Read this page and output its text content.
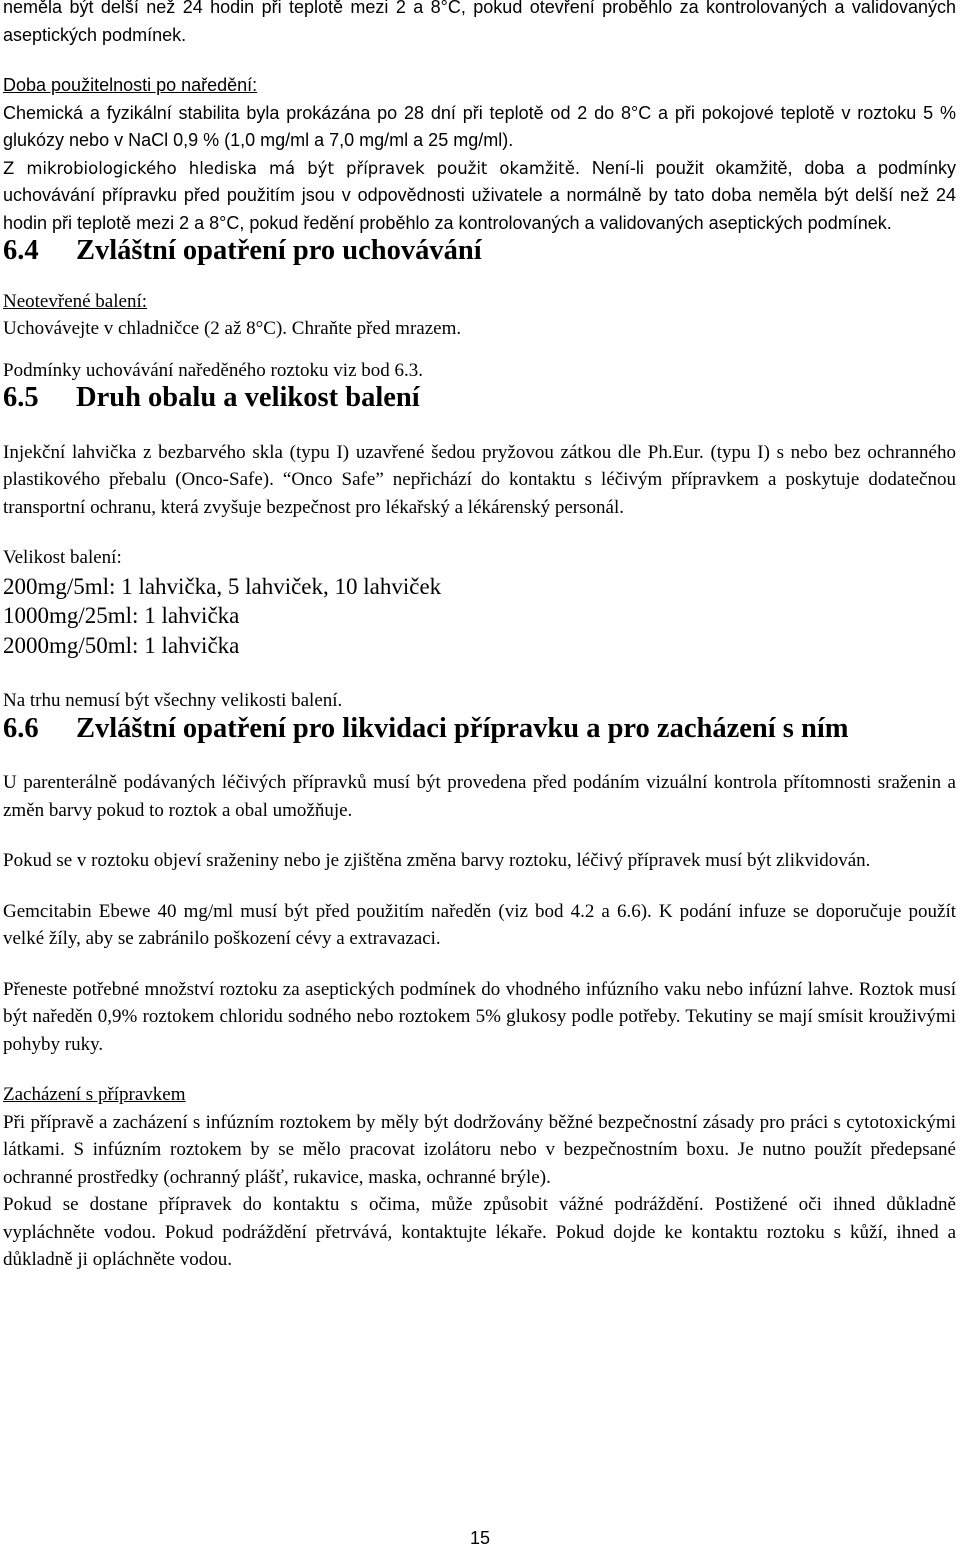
neměla být delší než 24 hodin při teplotě mezi 2 a 8°C, pokud otevření proběhlo za kontrolovaných a validovaných aseptických podmínek.

Doba použitelnosti po naředění:

Chemická a fyzikální stabilita byla prokázána po 28 dní při teplotě od 2 do 8°C a při pokojové teplotě v roztoku 5 % glukózy nebo v NaCl 0,9 % (1,0 mg/ml a 7,0 mg/ml a 25 mg/ml).

Z mikrobiologického hlediska má být přípravek použit okamžitě. Není-li použit okamžitě, doba a podmínky uchovávání přípravku před použitím jsou v odpovědnosti uživatele a normálně by tato doba neměla být delší než 24 hodin při teplotě mezi 2 a 8°C, pokud ředění proběhlo za kontrolovaných a validovaných aseptických podmínek.

6.4	Zvláštní opatření pro uchovávání

Neotevřené balení:

Uchovávejte v chladničce (2 až 8°C). Chraňte před mrazem.

Podmínky uchovávání naředěného roztoku viz bod 6.3.

6.5	Druh obalu a velikost balení

Injekční lahvička z bezbarvého skla (typu I) uzavřené šedou pryžovou zátkou dle Ph.Eur. (typu I) s nebo bez ochranného plastikového přebalu (Onco-Safe). “Onco Safe” nepřichází do kontaktu s léčivým přípravkem a poskytuje dodatečnou transportní ochranu, která zvyšuje bezpečnost pro lékařský a lékárenský personál.

Velikost balení:

200mg/5ml: 1 lahvička, 5 lahviček, 10 lahviček

1000mg/25ml: 1 lahvička

2000mg/50ml: 1 lahvička

Na trhu nemusí být všechny velikosti balení.

6.6	Zvláštní opatření pro likvidaci přípravku a pro zacházení s ním

U parenterálně podávaných léčivých přípravků musí být provedena před podáním vizuální kontrola přítomnosti sraženin a změn barvy pokud to roztok a obal umožňuje.

Pokud se v roztoku objeví sraženiny nebo je zjištěna změna barvy roztoku, léčivý přípravek musí být zlikvidován.

Gemcitabin Ebewe 40 mg/ml musí být před použitím naředěn (viz bod 4.2 a 6.6). K podání infuze se doporučuje použít velké žíly, aby se zabránilo poškození cévy a extravazaci.

Přeneste potřebné množství roztoku za aseptických podmínek do vhodného infúzního vaku nebo infúzní lahve. Roztok musí být naředěn 0,9% roztokem chloridu sodného nebo roztokem 5% glukosy podle potřeby. Tekutiny se mají smísit krouživými pohyby ruky.

Zacházení s přípravkem

Při přípravě a zacházení s infúzním roztokem by měly být dodržovány běžné bezpečnostní zásady pro práci s cytotoxickými látkami. S infúzním roztokem by se mělo pracovat izolátoru nebo v bezpečnostním boxu. Je nutno použít předepsané ochranné prostředky (ochranný plášť, rukavice, maska, ochranné brýle).

Pokud se dostane přípravek do kontaktu s očima, může způsobit vážné podráždění. Postižené oči ihned důkladně vypláchněte vodou. Pokud podráždění přetrvává, kontaktujte lékaře. Pokud dojde ke kontaktu roztoku s kůží, ihned a důkladně ji opláchněte vodou.

15
